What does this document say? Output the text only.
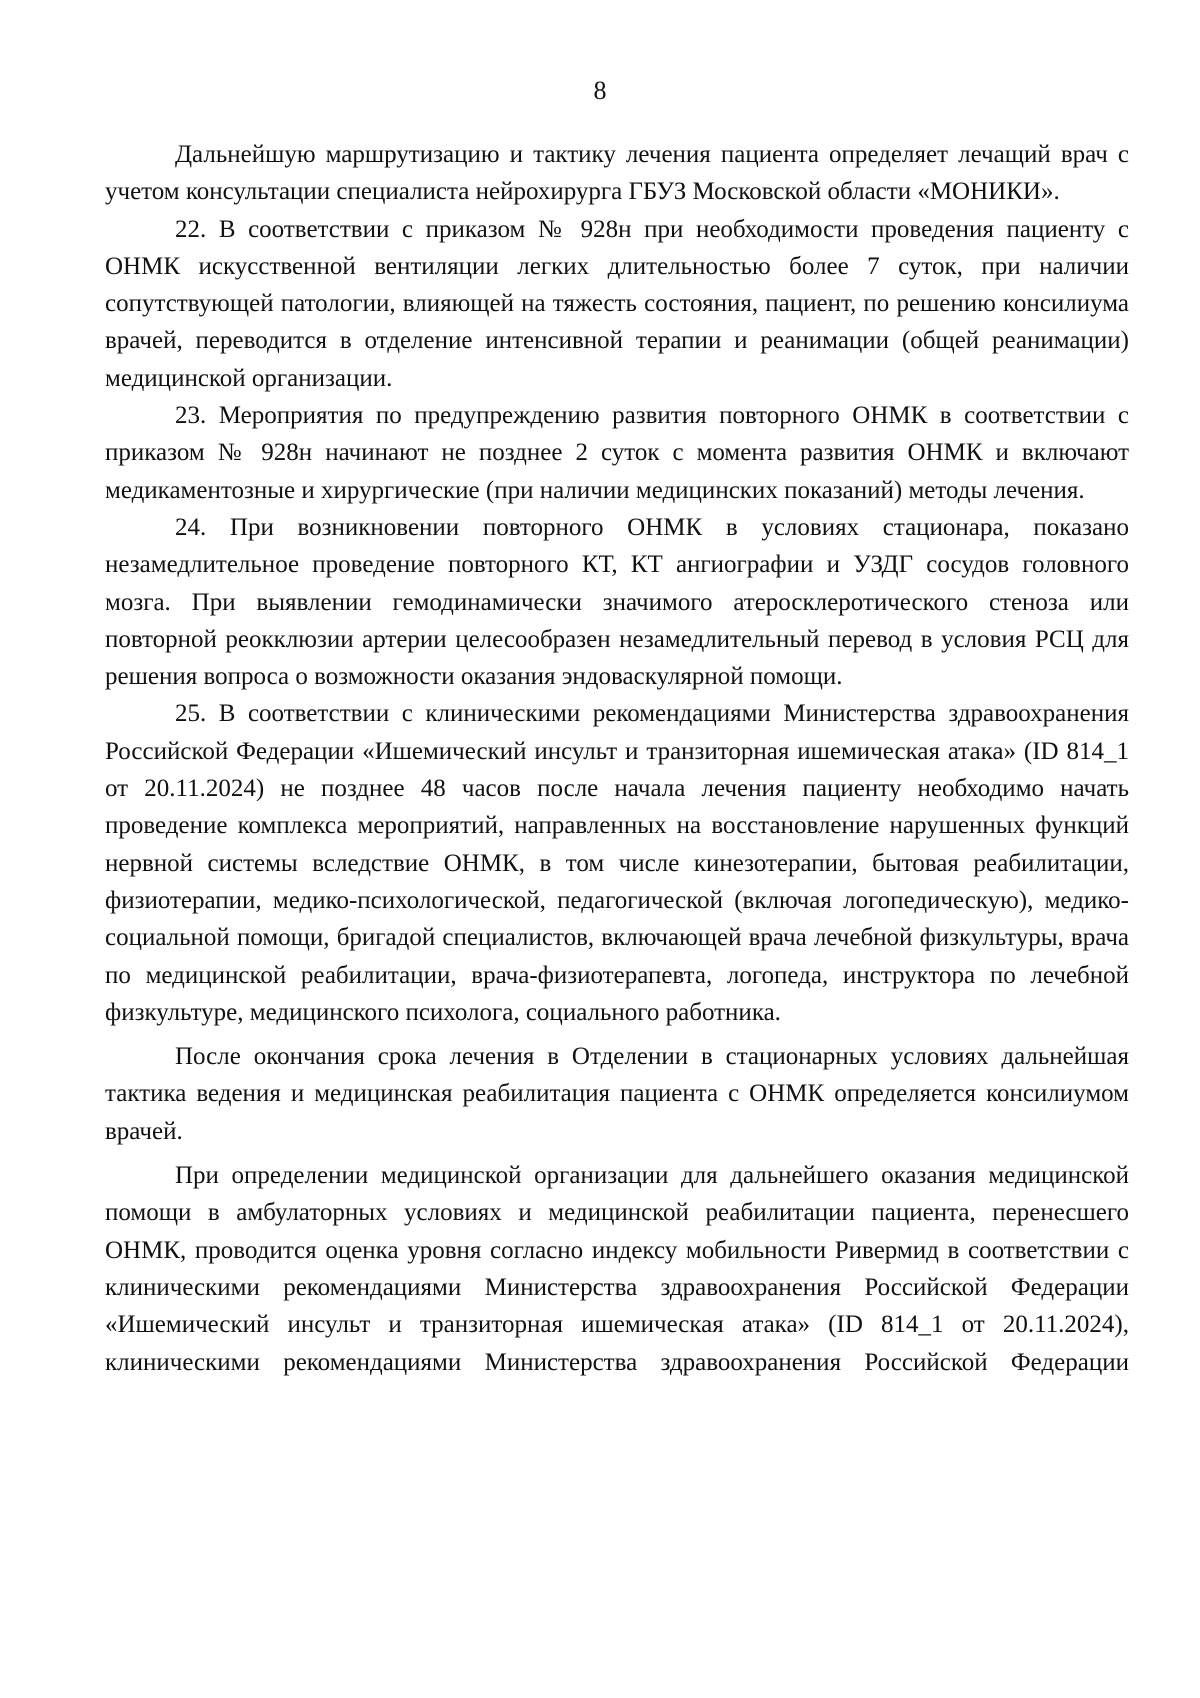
8

Дальнейшую маршрутизацию и тактику лечения пациента определяет лечащий врач с учетом консультации специалиста нейрохирурга ГБУЗ Московской области «МОНИКИ».

22. В соответствии с приказом № 928н при необходимости проведения пациенту с ОНМК искусственной вентиляции легких длительностью более 7 суток, при наличии сопутствующей патологии, влияющей на тяжесть состояния, пациент, по решению консилиума врачей, переводится в отделение интенсивной терапии и реанимации (общей реанимации) медицинской организации.

23. Мероприятия по предупреждению развития повторного ОНМК в соответствии с приказом № 928н начинают не позднее 2 суток с момента развития ОНМК и включают медикаментозные и хирургические (при наличии медицинских показаний) методы лечения.

24. При возникновении повторного ОНМК в условиях стационара, показано незамедлительное проведение повторного КТ, КТ ангиографии и УЗДГ сосудов головного мозга. При выявлении гемодинамически значимого атеросклеротического стеноза или повторной реокклюзии артерии целесообразен незамедлительный перевод в условия РСЦ для решения вопроса о возможности оказания эндоваскулярной помощи.

25. В соответствии с клиническими рекомендациями Министерства здравоохранения Российской Федерации «Ишемический инсульт и транзиторная ишемическая атака» (ID 814_1 от 20.11.2024) не позднее 48 часов после начала лечения пациенту необходимо начать проведение комплекса мероприятий, направленных на восстановление нарушенных функций нервной системы вследствие ОНМК, в том числе кинезотерапии, бытовая реабилитации, физиотерапии, медико-психологической, педагогической (включая логопедическую), медико-социальной помощи, бригадой специалистов, включающей врача лечебной физкультуры, врача по медицинской реабилитации, врача-физиотерапевта, логопеда, инструктора по лечебной физкультуре, медицинского психолога, социального работника.

После окончания срока лечения в Отделении в стационарных условиях дальнейшая тактика ведения и медицинская реабилитация пациента с ОНМК определяется консилиумом врачей.

При определении медицинской организации для дальнейшего оказания медицинской помощи в амбулаторных условиях и медицинской реабилитации пациента, перенесшего ОНМК, проводится оценка уровня согласно индексу мобильности Ривермид в соответствии с клиническими рекомендациями Министерства здравоохранения Российской Федерации «Ишемический инсульт и транзиторная ишемическая атака» (ID 814_1 от 20.11.2024), клиническими рекомендациями Министерства здравоохранения Российской Федерации
